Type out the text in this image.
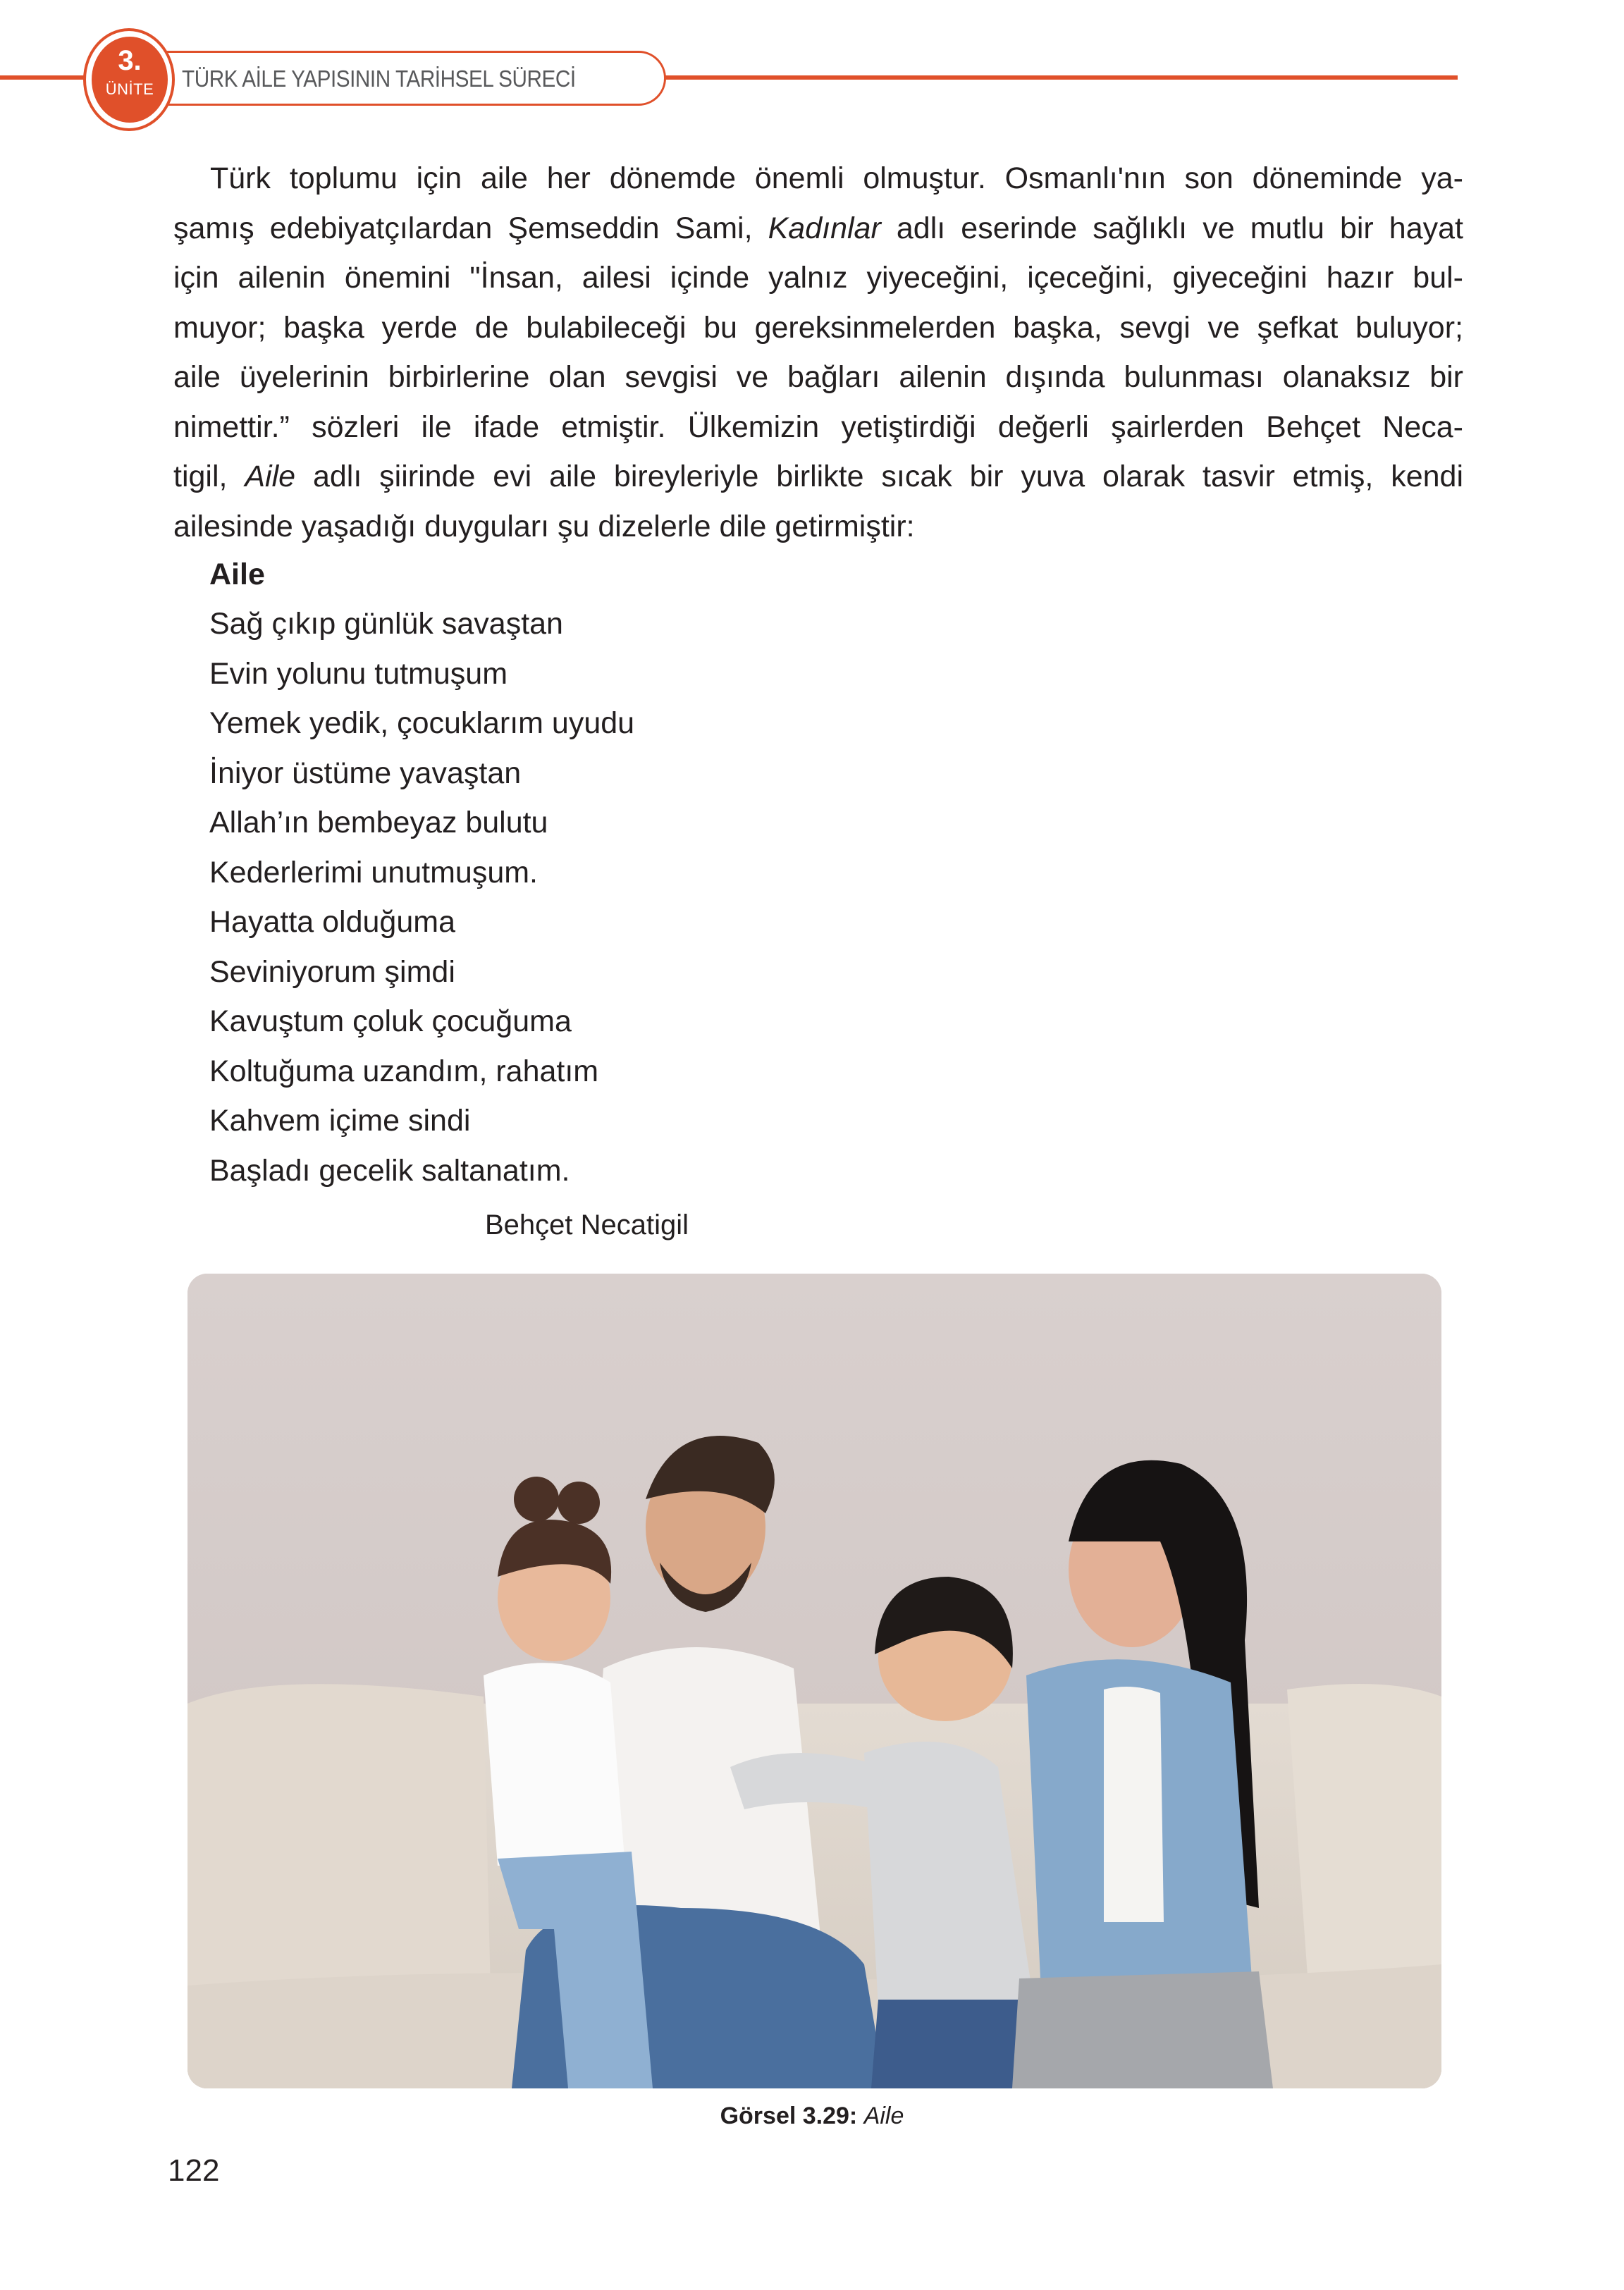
TÜRK AİLE YAPISININ TARİHSEL SÜRECİ
3.
ÜNİTE
Türk toplumu için aile her dönemde önemli olmuştur. Osmanlı'nın son döneminde ya-
şamış edebiyatçılardan Şemseddin Sami, Kadınlar adlı eserinde sağlıklı ve mutlu bir hayat
için ailenin önemini "İnsan, ailesi içinde yalnız yiyeceğini, içeceğini, giyeceğini hazır bul-
muyor; başka yerde de bulabileceği bu gereksinmelerden başka, sevgi ve şefkat buluyor;
aile üyelerinin birbirlerine olan sevgisi ve bağları ailenin dışında bulunması olanaksız bir
nimettir.” sözleri ile ifade etmiştir. Ülkemizin yetiştirdiği değerli şairlerden Behçet Neca-
tigil, Aile adlı şiirinde evi aile bireyleriyle birlikte sıcak bir yuva olarak tasvir etmiş, kendi
ailesinde yaşadığı duyguları şu dizelerle dile getirmiştir:
Aile
Sağ çıkıp günlük savaştan
Evin yolunu tutmuşum
Yemek yedik, çocuklarım uyudu
İniyor üstüme yavaştan
Allah’ın bembeyaz bulutu
Kederlerimi unutmuşum.
Hayatta olduğuma
Seviniyorum şimdi
Kavuştum çoluk çocuğuma
Koltuğuma uzandım, rahatım
Kahvem içime sindi
Başladı gecelik saltanatım.
Behçet Necatigil
Görsel 3.29: Aile
122
